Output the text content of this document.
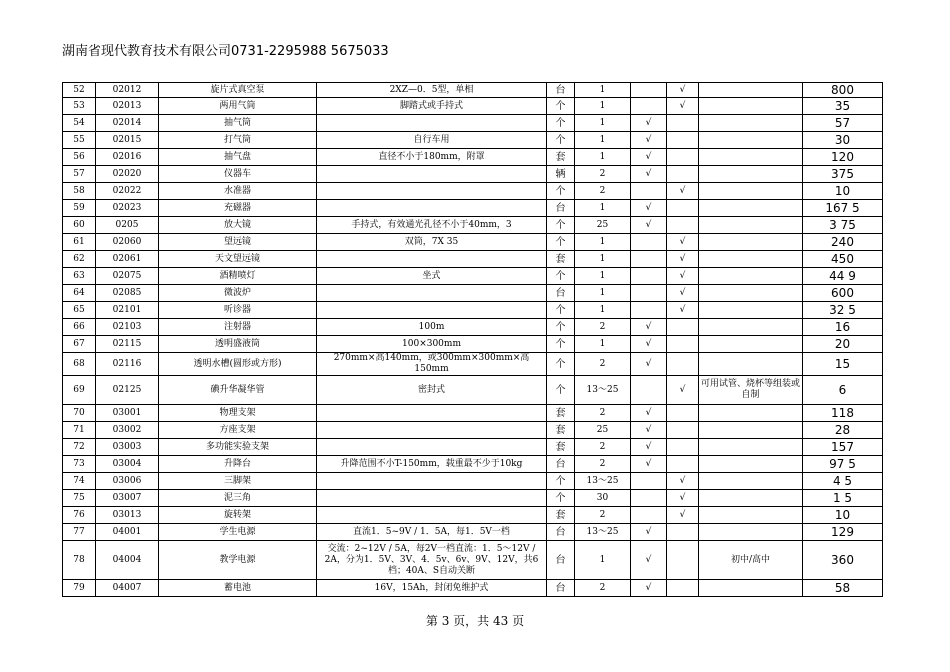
湖南省现代教育技术有限公司0731-2295988 5675033
52	02012	旋片式真空泵	2XZ—0．5型，单相	台	1		√		800
53	02013	两用气筒	脚踏式或手持式	个	1		√		35
54	02014	抽气筒		个	1	√			57
55	02015	打气筒	自行车用	个	1	√			30
56	02016	抽气盘	直径不小于180mm，附罩	套	1	√			120
57	02020	仪器车		辆	2	√			375
58	02022	水准器		个	2		√		10
59	02023	充磁器		台	1	√			167 5
60	0205	放大镜	手持式，有效通光孔径不小于40mm，3	个	25	√			3 75
61	02060	望远镜	双筒，7X 35	个	1		√		240
62	02061	天文望远镜		套	1		√		450
63	02075	酒精喷灯	坐式	个	1		√		44 9
64	02085	微波炉		台	1		√		600
65	02101	听诊器		个	1		√		32 5
66	02103	注射器	100m	个	2	√			16
67	02115	透明盛液筒	100×300mm	个	1	√			20
68	02116	透明水槽(圆形或方形)	270mm×高140mm，或300mm×300mm×高150mm	个	2	√			15
69	02125	碘升华凝华管	密封式	个	13～25		√	可用试管、烧杯等组装或自制	6
70	03001	物理支架		套	2	√			118
71	03002	方座支架		套	25	√			28
72	03003	多功能实验支架		套	2	√			157
73	03004	升降台	升降范围不小T-150mm，载重最不少于10kg	台	2	√			97 5
74	03006	三脚架		个	13～25		√		4 5
75	03007	泥三角		个	30		√		1 5
76	03013	旋转架		套	2		√		10
77	04001	学生电源	直流1．5~9V / 1．5A，每1．5V一档	台	13～25	√			129
78	04004	教学电源	交流：2~12V / 5A，每2V一档直流：1．5～12V / 2A，分为1．5V、3V、4．5v、6v、9V、12V，共6档；40A、S自动关断	台	1	√		初中/高中	360
79	04007	蓄电池	16V，15Ah，封闭免维护式	台	2	√			58
第 3 页，共 43 页
